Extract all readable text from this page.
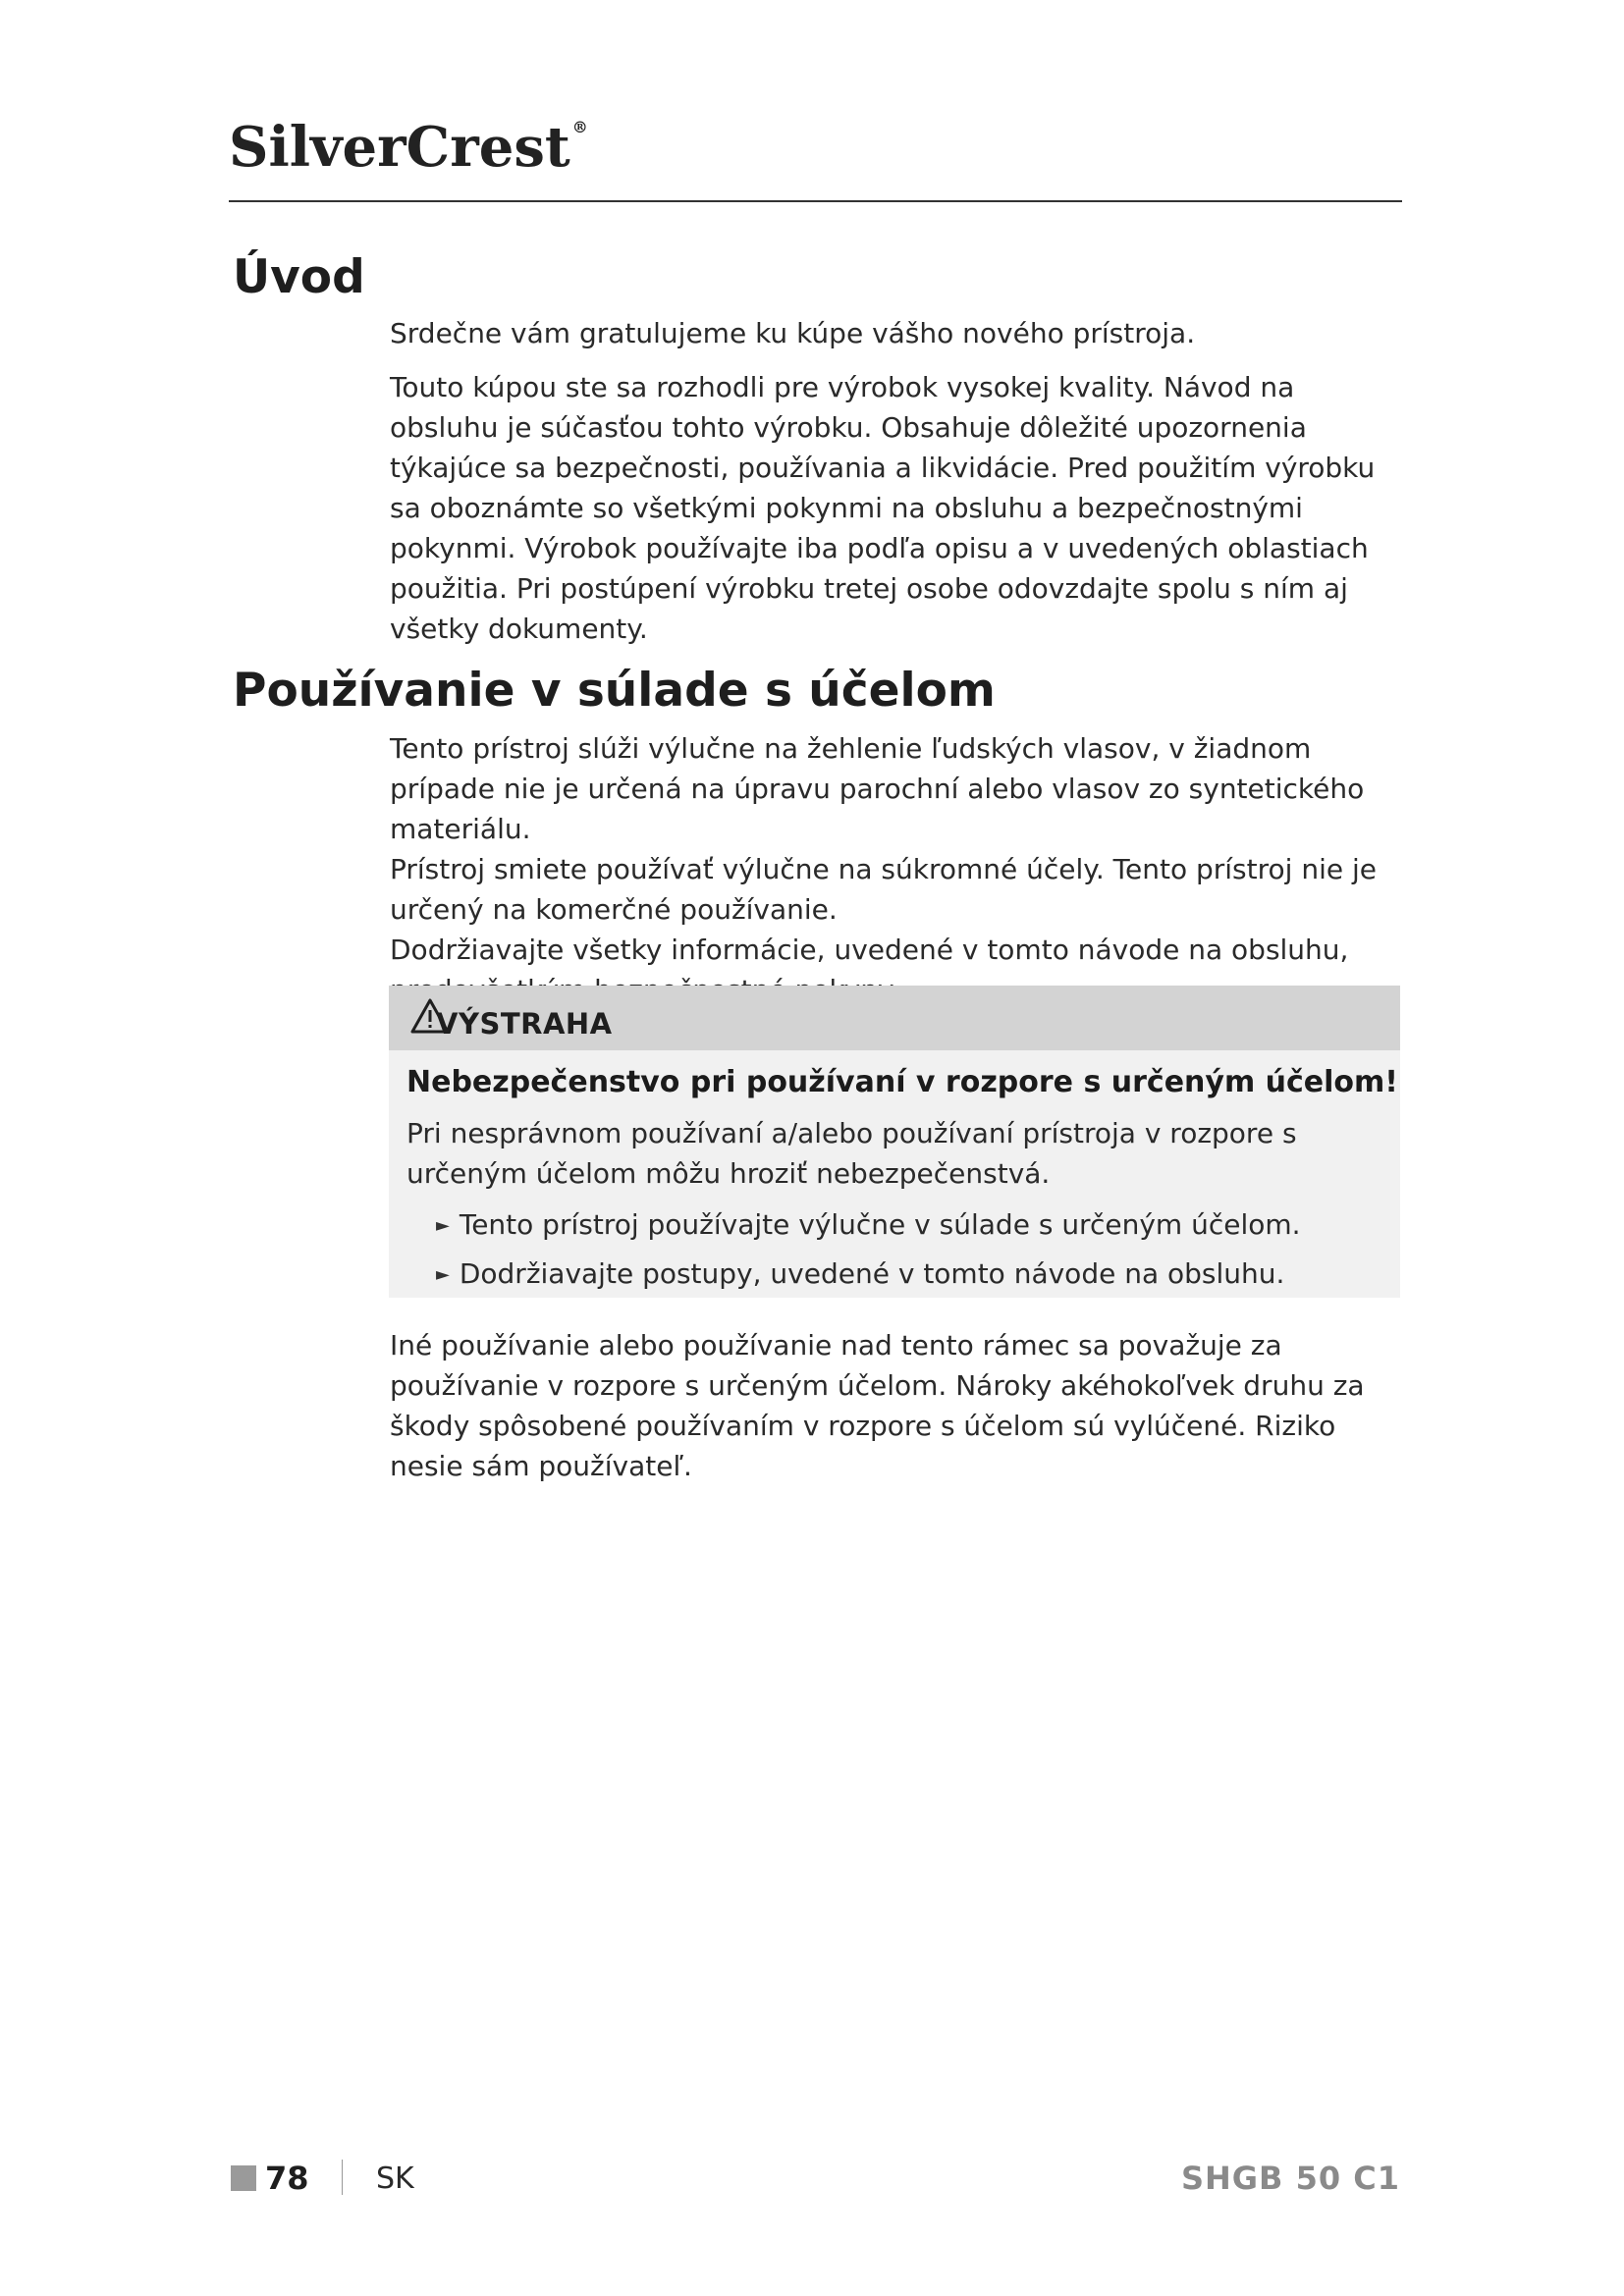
SilverCrest ®
Úvod

Srdečne vám gratulujeme ku kúpe vášho nového prístroja.

Touto kúpou ste sa rozhodli pre výrobok vysokej kvality. Návod na obsluhu je súčasťou tohto výrobku. Obsahuje dôležité upozornenia týkajúce sa bezpečnosti, používania a likvidácie. Pred použitím výrobku sa oboznámte so všetkými pokynmi na obsluhu a bezpečnostnými pokynmi. Výrobok používajte iba podľa opisu a v uvedených oblastiach použitia. Pri postúpení výrobku tretej osobe odovzdajte spolu s ním aj všetky dokumenty.

Používanie v súlade s účelom

Tento prístroj slúži výlučne na žehlenie ľudských vlasov, v žiadnom prípade nie je určená na úpravu parochní alebo vlasov zo syntetického materiálu.

Prístroj smiete používať výlučne na súkromné účely. Tento prístroj nie je určený na komerčné používanie.

Dodržiavajte všetky informácie, uvedené v tomto návode na obsluhu,

VÝSTRAHA
Nebezpečenstvo pri používaní v rozpore s určeným účelom!
Pri nesprávnom používaní a/alebo používaní prístroja v rozpore s určeným účelom môžu hroziť nebezpečenstvá.
► Tento prístroj používajte výlučne v súlade s určeným účelom.
► Dodržiavajte postupy, uvedené v tomto návode na obsluhu.
Iné používanie alebo používanie nad tento rámec sa považuje za používanie v rozpore s určeným účelom. Nároky akéhokoľvek druhu za škody spôsobené používaním v rozpore s účelom sú vylúčené. Riziko nesie sám používateľ.
78 SK	SHGB 50 C1
